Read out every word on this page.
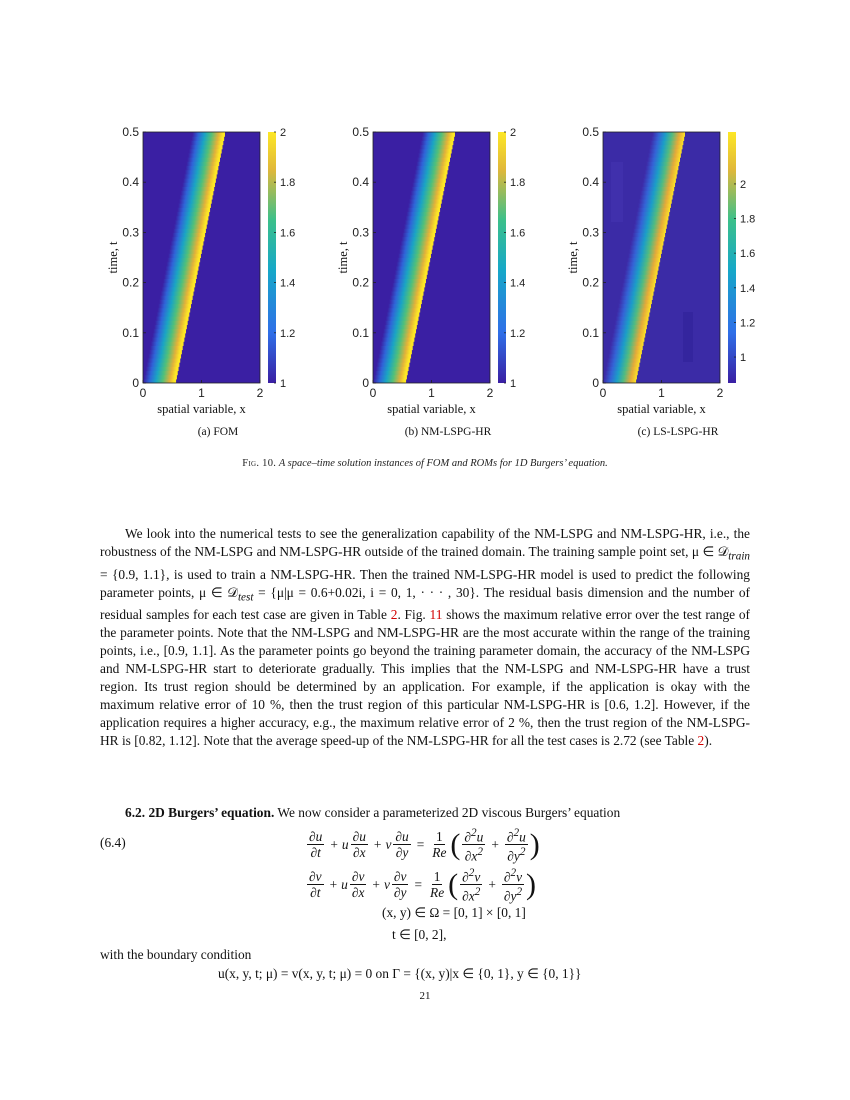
0
0.1
0.2
0.3
0.4
0.5
0	1	2
spatial variable, x
time, t
2
1.8
1.6
1.4
1.2
1
(a) FOM
0
0.1
0.2
0.3
0.4
0.5
0	1	2
spatial variable, x
time, t
2
1.8
1.6
1.4
1.2
1
(b) NM-LSPG-HR
0
0.1
0.2
0.3
0.4
0.5
0	1	2
spatial variable, x
time, t
2
1.8
1.6
1.4
1.2
1
(c) LS-LSPG-HR
Fig. 10. A space–time solution instances of FOM and ROMs for 1D Burgers’ equation.

We look into the numerical tests to see the generalization capability of the NM-LSPG and NM-LSPG-HR, i.e., the robustness of the NM-LSPG and NM-LSPG-HR outside of the trained domain. The training sample point set, μ ∈ 𝒟$_{train}$ = {0.9, 1.1}, is used to train a NM-LSPG-HR. Then the trained NM-LSPG-HR model is used to predict the following parameter points, μ ∈ 𝒟$_{test}$ = {μ|μ = 0.6+0.02i, i = 0, 1, · · · , 30}. The residual basis dimension and the number of residual samples for each test case are given in Table 2. Fig. 11 shows the maximum relative error over the test range of the parameter points. Note that the NM-LSPG and NM-LSPG-HR are the most accurate within the range of the training points, i.e., [0.9, 1.1]. As the parameter points go beyond the training parameter domain, the accuracy of the NM-LSPG and NM-LSPG-HR start to deteriorate gradually. This implies that the NM-LSPG and NM-LSPG-HR have a trust region. Its trust region should be determined by an application. For example, if the application is okay with the maximum relative error of 10 %, then the trust region of this particular NM-LSPG-HR is [0.6, 1.2]. However, if the application requires a higher accuracy, e.g., the maximum relative error of 2 %, then the trust region of the NM-LSPG-HR is [0.82, 1.12]. Note that the average speed-up of the NM-LSPG-HR for all the test cases is 2.72 (see Table 2).

6.2. 2D Burgers’ equation. We now consider a parameterized 2D viscous Burgers’ equation
(6.4)	$\frac{\partial u}{\partial t} + u \frac{\partial u}{\partial x} + v \frac{\partial u}{\partial y} = \frac{1}{Re}$ ( $\frac{\partial^2u}{\partial x^2} + \frac{\partial^2u}{\partial y^2}$ )
$\frac{\partial v}{\partial t} + u \frac{\partial v}{\partial x} + v \frac{\partial v}{\partial y} = \frac{1}{Re}$ ( $\frac{\partial^2v}{\partial x^2} + \frac{\partial^2v}{\partial y^2}$ )
(x, y) ∈ Ω = [0, 1] × [0, 1]
t ∈ [0, 2],
with the boundary condition
u(x, y, t; μ) = v(x, y, t; μ) = 0 on Γ = {(x, y)|x ∈ {0, 1}, y ∈ {0, 1}}
21
